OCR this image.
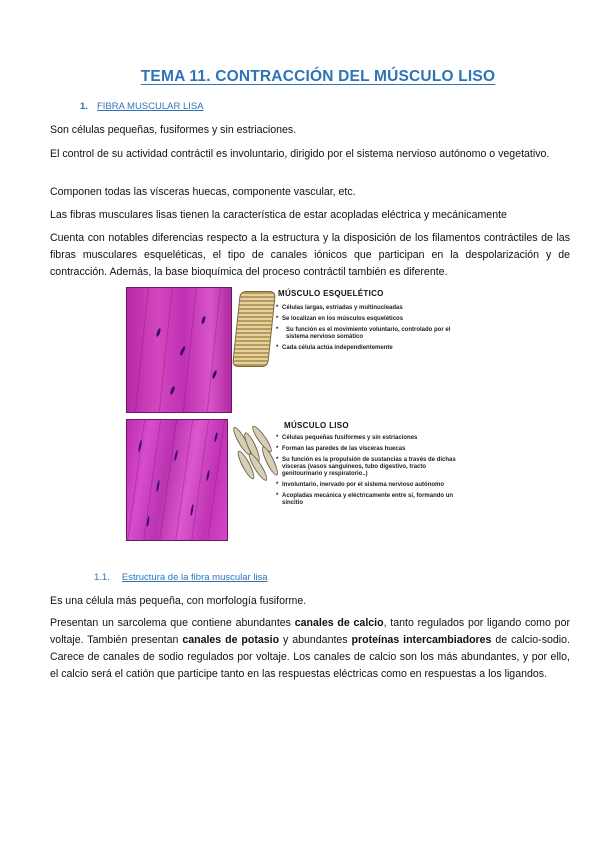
TEMA 11. CONTRACCIÓN DEL MÚSCULO LISO
1. FIBRA MUSCULAR LISA

Son células pequeñas, fusiformes y sin estriaciones.

El control de su actividad contráctil es involuntario, dirigido por el sistema nervioso autónomo o vegetativo.

Componen todas las vísceras huecas, componente vascular, etc.

Las fibras musculares lisas tienen la característica de estar acopladas eléctrica y mecánicamente

Cuenta con notables diferencias respecto a la estructura y la disposición de los filamentos contráctiles de las fibras musculares esqueléticas, el tipo de canales iónicos que participan en la despolarización y de contracción. Además, la base bioquímica del proceso contráctil también es diferente.

MÚSCULO ESQUELÉTICO
* Células largas, estriadas y multinucleadas
* Se localizan en los músculos esqueléticos
* Su función es el movimiento voluntario, controlado por el sistema nervioso somático
* Cada célula actúa independientemente
MÚSCULO LISO
* Células pequeñas fusiformes y sin estriaciones
* Forman las paredes de las vísceras huecas
* Su función es la propulsión de sustancias a través de dichas vísceras (vasos sanguíneos, tubo digestivo, tracto genitourinario y respiratorio..)
* Involuntario, inervado por el sistema nervioso autónomo
* Acopladas mecánica y eléctricamente entre sí, formando un sincitio
1.1. Estructura de la fibra muscular lisa

Es una célula más pequeña, con morfología fusiforme.

Presentan un sarcolema que contiene abundantes canales de calcio, tanto regulados por ligando como por voltaje. También presentan canales de potasio y abundantes proteínas intercambiadores de calcio-sodio. Carece de canales de sodio regulados por voltaje. Los canales de calcio son los más abundantes, y por ello, el calcio será el catión que participe tanto en las respuestas eléctricas como en respuestas a los ligandos.
